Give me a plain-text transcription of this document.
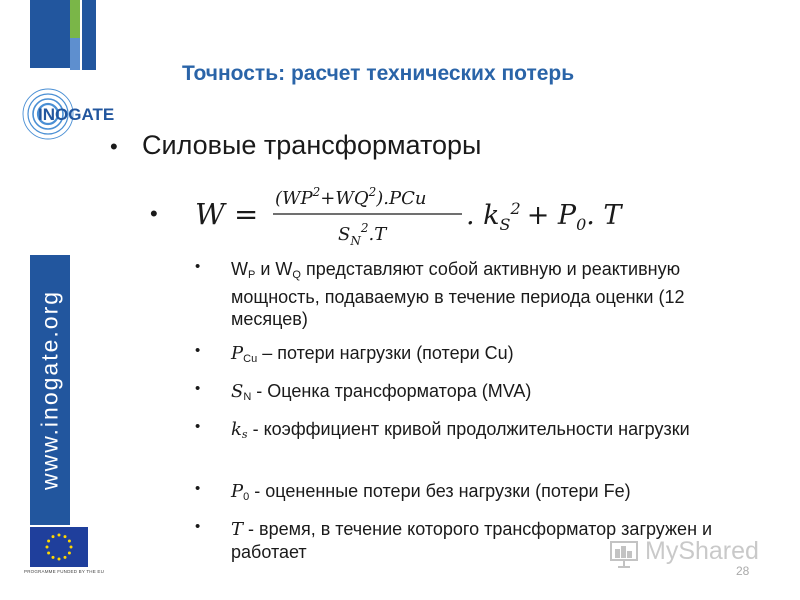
INOGATE
www.inogate.org
PROGRAMME FUNDED BY THE EU
Точность: расчет технических потерь
• Силовые трансформаторы
• $W = (WP^2+WQ^2).PCu$
$S_N^2.T$
. $k_S^2 + P_0$. T
• $W_P$ и $W_Q$ представляют собой активную и реактивную мощность, подаваемую в течение периода оценки (12 месяцев)
• $P_{Cu}$ – потери нагрузки (потери Cu)
• $S_N$ - Оценка трансформатора (MVA)
• $k_s$ - коэффициент кривой продолжительности нагрузки
• $P_0$ - оцененные потери без нагрузки (потери Fe)
• T - время, в течение которого трансформатор загружен и работает	MyShared
28
